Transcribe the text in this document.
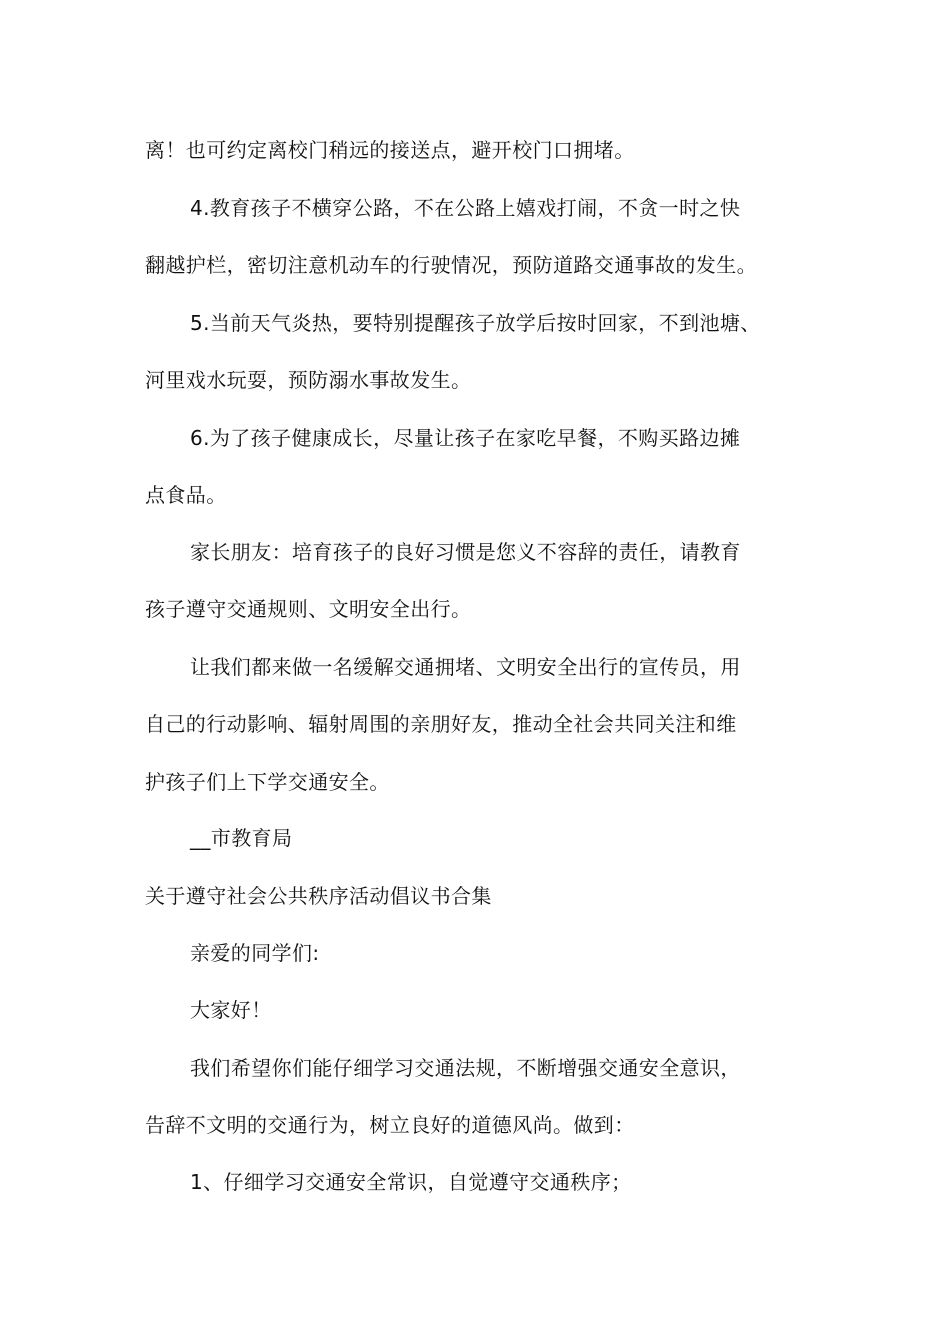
离！也可约定离校门稍远的接送点，避开校门口拥堵。
4.教育孩子不横穿公路，不在公路上嬉戏打闹，不贪一时之快
翻越护栏，密切注意机动车的行驶情况，预防道路交通事故的发生。
5.当前天气炎热，要特别提醒孩子放学后按时回家，不到池塘、
河里戏水玩耍，预防溺水事故发生。
6.为了孩子健康成长，尽量让孩子在家吃早餐，不购买路边摊
点食品。
家长朋友：培育孩子的良好习惯是您义不容辞的责任，请教育
孩子遵守交通规则、文明安全出行。
让我们都来做一名缓解交通拥堵、文明安全出行的宣传员，用
自己的行动影响、辐射周围的亲朋好友，推动全社会共同关注和维
护孩子们上下学交通安全。
__市教育局
关于遵守社会公共秩序活动倡议书合集
亲爱的同学们:
大家好！
我们希望你们能仔细学习交通法规，不断增强交通安全意识，
告辞不文明的交通行为，树立良好的道德风尚。做到：
1、仔细学习交通安全常识，自觉遵守交通秩序；
